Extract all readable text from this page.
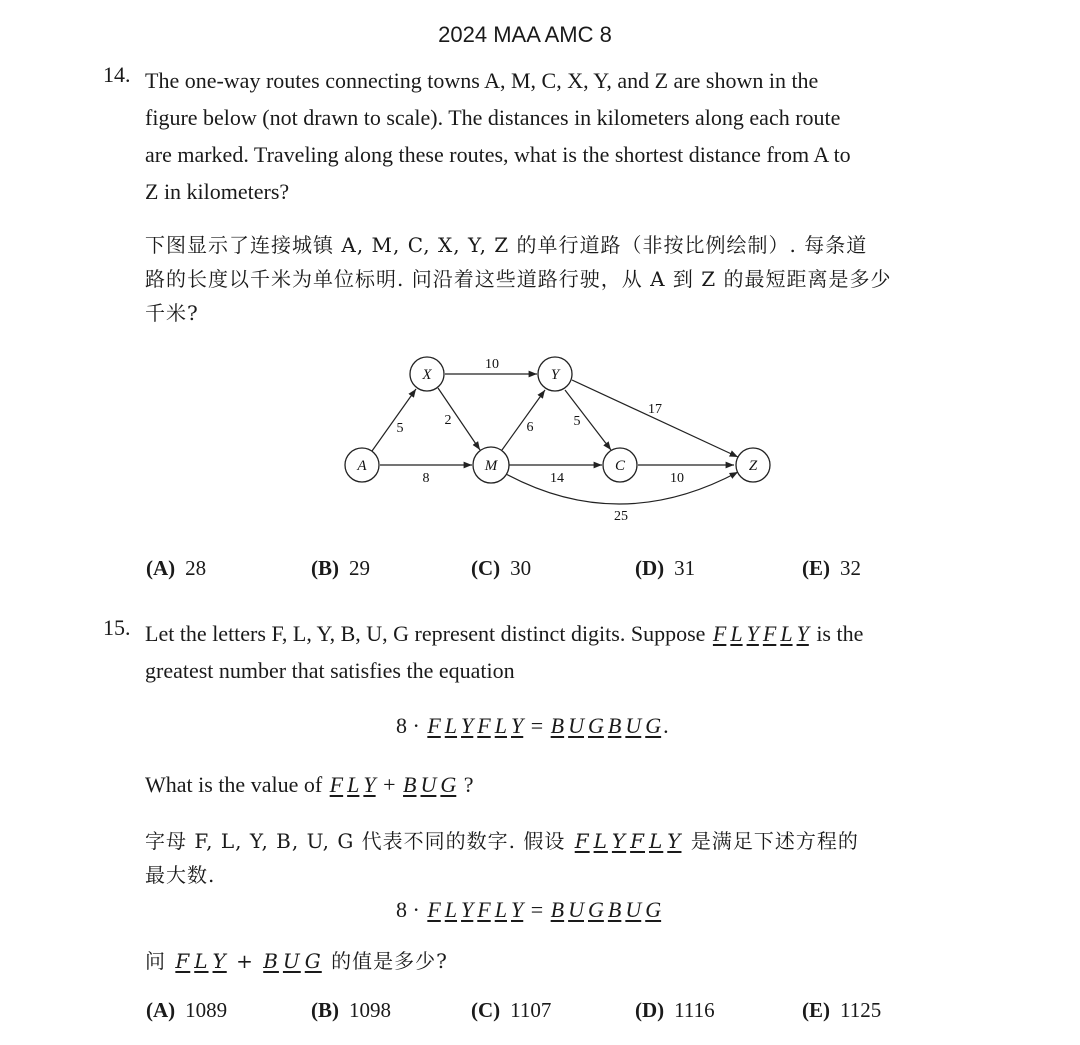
2024 MAA AMC 8
14. The one-way routes connecting towns A, M, C, X, Y, and Z are shown in the
figure below (not drawn to scale). The distances in kilometers along each route
are marked. Traveling along these routes, what is the shortest distance from A to
Z in kilometers?
下图显示了连接城镇 A, M, C, X, Y, Z 的单行道路（非按比例绘制）. 每条道
路的长度以千米为单位标明. 问沿着这些道路行驶，从 A 到 Z 的最短距离是多少
千米?
A
X
M
Y
C	Z
5
8
2
10
6	5
17
14	10
25
(A) 28	(B) 29	(C) 30	(D) 31	(E) 32
15. Let the letters F, L, Y, B, U, G represent distinct digits. Suppose F L Y F L Y is the
greatest number that satisfies the equation
8 · F L Y F L Y = B U G B U G.
What is the value of F L Y + B U G ?
字母 F, L, Y, B, U, G 代表不同的数字. 假设 F L Y F L Y 是满足下述方程的
最大数.
8 · F L Y F L Y = B U G B U G
问 F L Y + B U G 的值是多少?
(A) 1089	(B) 1098	(C) 1107	(D) 1116	(E) 1125
